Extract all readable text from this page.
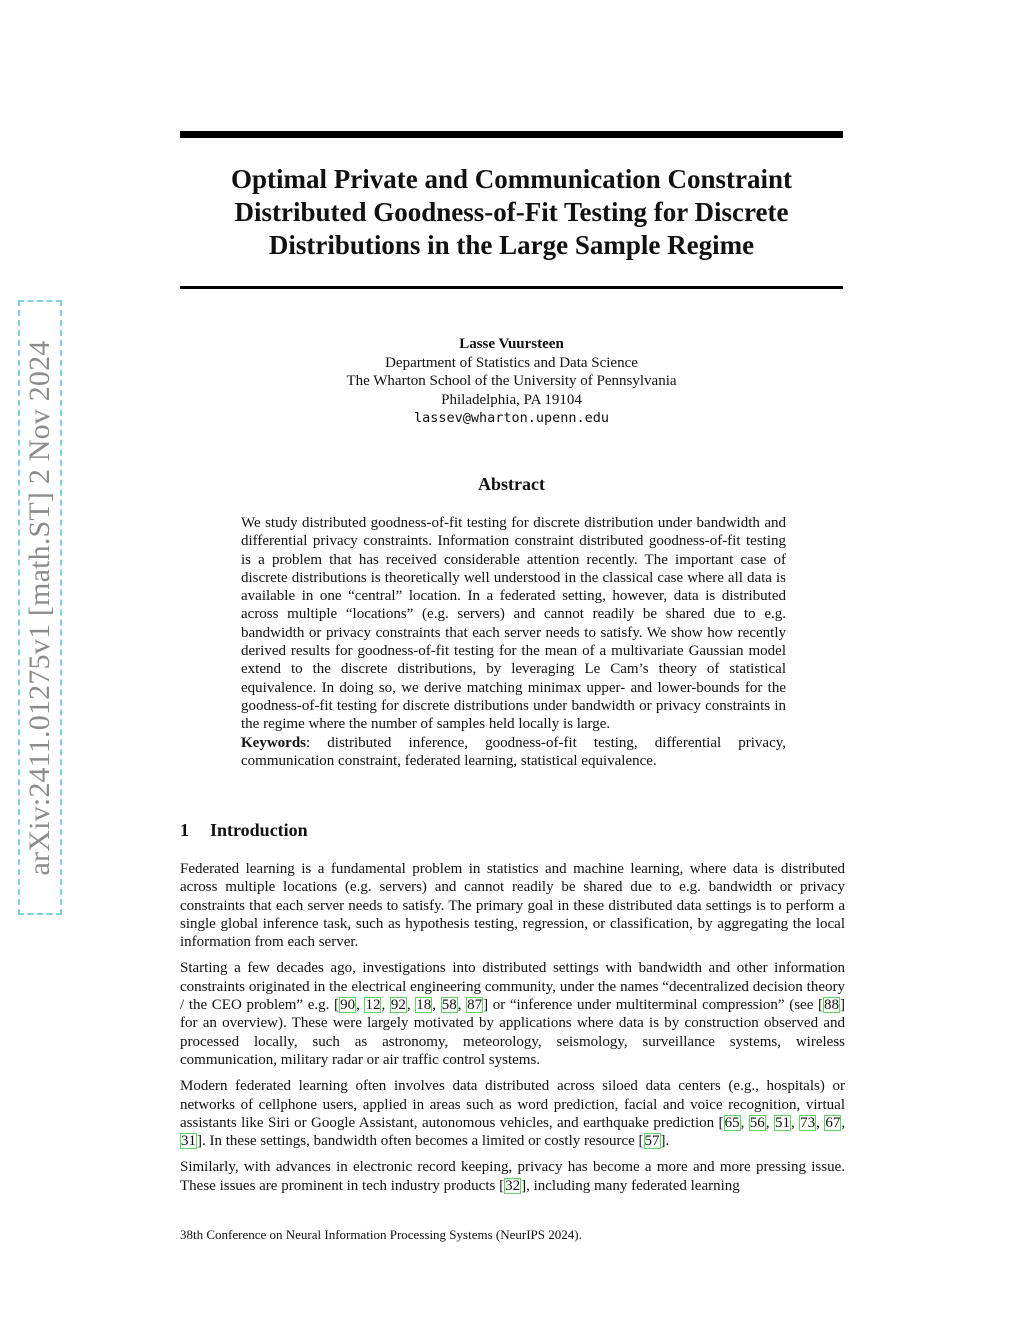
arXiv:2411.01275v1 [math.ST] 2 Nov 2024
Optimal Private and Communication Constraint Distributed Goodness-of-Fit Testing for Discrete Distributions in the Large Sample Regime
Lasse Vuursteen
Department of Statistics and Data Science
The Wharton School of the University of Pennsylvania
Philadelphia, PA 19104
lassev@wharton.upenn.edu
Abstract

We study distributed goodness-of-fit testing for discrete distribution under bandwidth and differential privacy constraints. Information constraint distributed goodness-of-fit testing is a problem that has received considerable attention recently. The important case of discrete distributions is theoretically well understood in the classical case where all data is available in one “central” location. In a federated setting, however, data is distributed across multiple “locations” (e.g. servers) and cannot readily be shared due to e.g. bandwidth or privacy constraints that each server needs to satisfy. We show how recently derived results for goodness-of-fit testing for the mean of a multivariate Gaussian model extend to the discrete distributions, by leveraging Le Cam’s theory of statistical equivalence. In doing so, we derive matching minimax upper- and lower-bounds for the goodness-of-fit testing for discrete distributions under bandwidth or privacy constraints in the regime where the number of samples held locally is large.

Keywords: distributed inference, goodness-of-fit testing, differential privacy, communication constraint, federated learning, statistical equivalence.

1 Introduction

Federated learning is a fundamental problem in statistics and machine learning, where data is distributed across multiple locations (e.g. servers) and cannot readily be shared due to e.g. bandwidth or privacy constraints that each server needs to satisfy. The primary goal in these distributed data settings is to perform a single global inference task, such as hypothesis testing, regression, or classification, by aggregating the local information from each server.

Starting a few decades ago, investigations into distributed settings with bandwidth and other information constraints originated in the electrical engineering community, under the names “decentralized decision theory / the CEO problem” e.g. [90, 12, 92, 18, 58, 87] or “inference under multiterminal compression” (see [88] for an overview). These were largely motivated by applications where data is by construction observed and processed locally, such as astronomy, meteorology, seismology, surveillance systems, wireless communication, military radar or air traffic control systems.

Modern federated learning often involves data distributed across siloed data centers (e.g., hospitals) or networks of cellphone users, applied in areas such as word prediction, facial and voice recognition, virtual assistants like Siri or Google Assistant, autonomous vehicles, and earthquake prediction [65, 56, 51, 73, 67, 31]. In these settings, bandwidth often becomes a limited or costly resource [57].

Similarly, with advances in electronic record keeping, privacy has become a more and more pressing issue. These issues are prominent in tech industry products [32], including many federated learning

38th Conference on Neural Information Processing Systems (NeurIPS 2024).
